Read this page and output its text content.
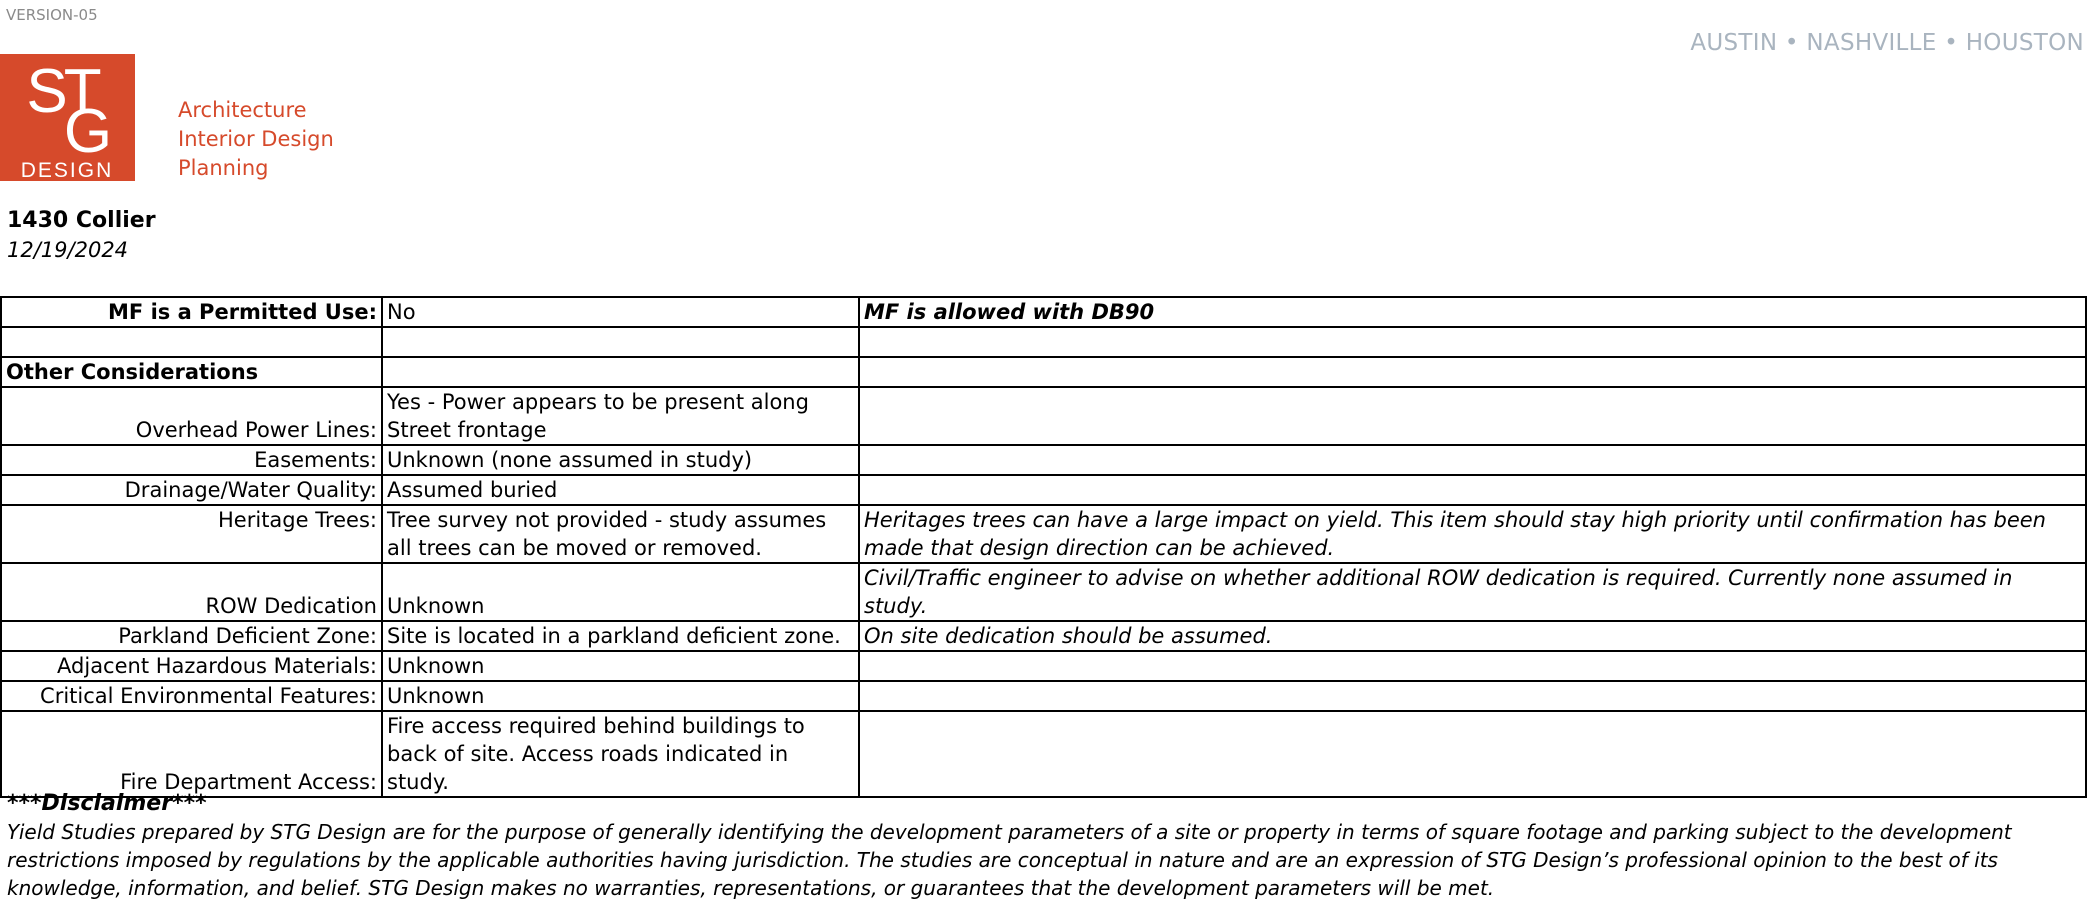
VERSION-05
AUSTIN • NASHVILLE • HOUSTON
ST
G
DESIGN
Architecture
Interior Design
Planning
1430 Collier
12/19/2024
MF is a Permitted Use:	No	MF is allowed with DB90

Other Considerations		
Overhead Power Lines:	Yes - Power appears to be present along Street frontage	
Easements:	Unknown (none assumed in study)	
Drainage/Water Quality:	Assumed buried	
Heritage Trees:	Tree survey not provided - study assumes all trees can be moved or removed.	Heritages trees can have a large impact on yield. This item should stay high priority until confirmation has been made that design direction can be achieved.
ROW Dedication	Unknown	Civil/Traffic engineer to advise on whether additional ROW dedication is required. Currently none assumed in study.
Parkland Deficient Zone:	Site is located in a parkland deficient zone.	On site dedication should be assumed.
Adjacent Hazardous Materials:	Unknown	
Critical Environmental Features:	Unknown	
Fire Department Access:	Fire access required behind buildings to back of site. Access roads indicated in study.	
***Disclaimer***
Yield Studies prepared by STG Design are for the purpose of generally identifying the development parameters of a site or property in terms of square footage and parking subject to the development restrictions imposed by regulations by the applicable authorities having jurisdiction. The studies are conceptual in nature and are an expression of STG Design’s professional opinion to the best of its knowledge, information, and belief. STG Design makes no warranties, representations, or guarantees that the development parameters will be met.
